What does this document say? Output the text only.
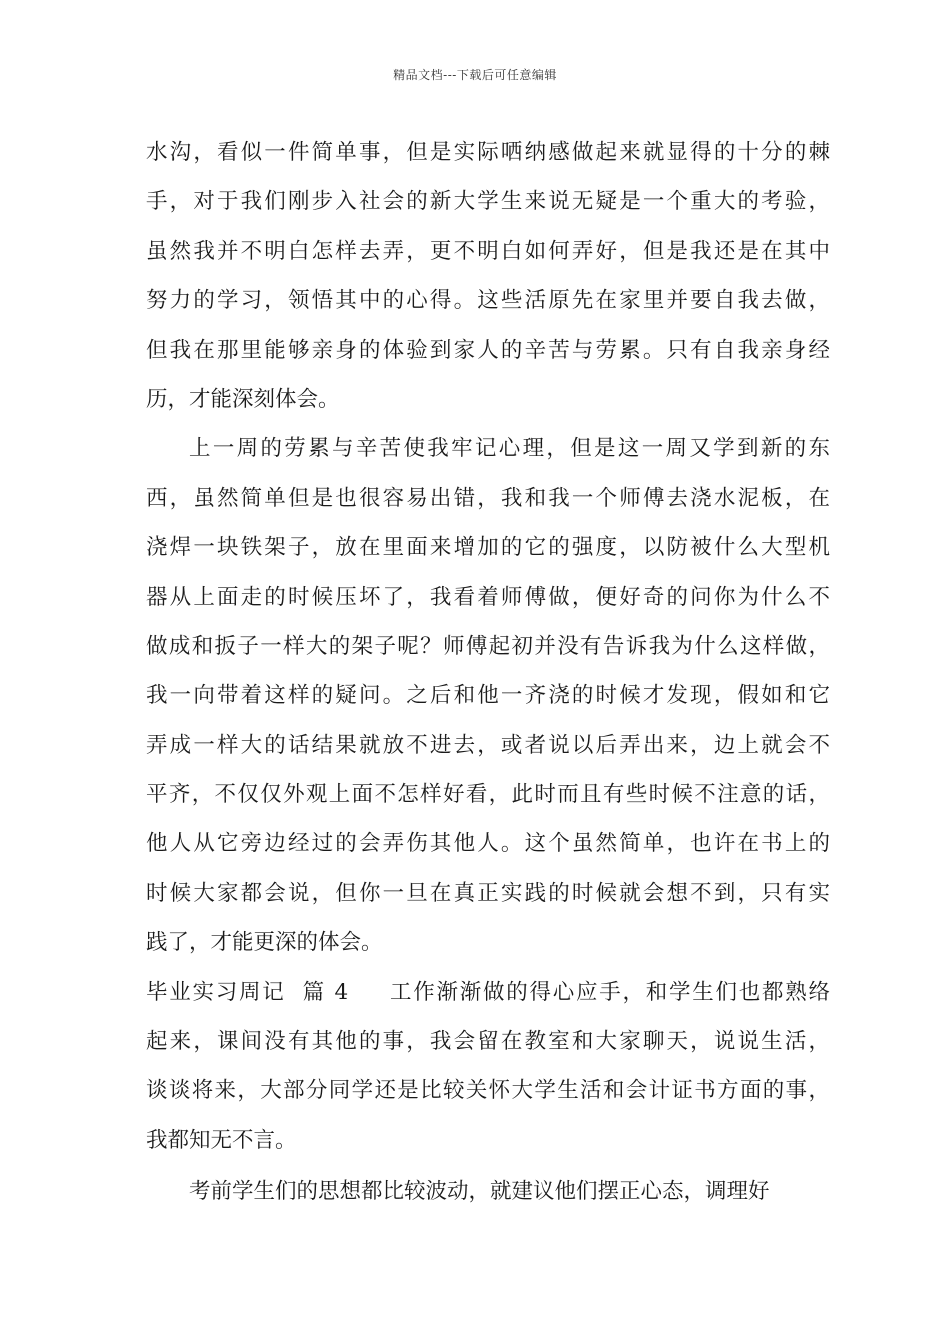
精品文档---下载后可任意编辑
水沟，看似一件简单事，但是实际哂纳感做起来就显得的十分的棘
手，对于我们刚步入社会的新大学生来说无疑是一个重大的考验，
虽然我并不明白怎样去弄，更不明白如何弄好，但是我还是在其中
努力的学习，领悟其中的心得。这些活原先在家里并要自我去做，
但我在那里能够亲身的体验到家人的辛苦与劳累。只有自我亲身经
历，才能深刻体会。
上一周的劳累与辛苦使我牢记心理，但是这一周又学到新的东
西，虽然简单但是也很容易出错，我和我一个师傅去浇水泥板，在
浇焊一块铁架子，放在里面来增加的它的强度，以防被什么大型机
器从上面走的时候压坏了，我看着师傅做，便好奇的问你为什么不
做成和扳子一样大的架子呢？师傅起初并没有告诉我为什么这样做，
我一向带着这样的疑问。之后和他一齐浇的时候才发现，假如和它
弄成一样大的话结果就放不进去，或者说以后弄出来，边上就会不
平齐，不仅仅外观上面不怎样好看，此时而且有些时候不注意的话，
他人从它旁边经过的会弄伤其他人。这个虽然简单，也许在书上的
时候大家都会说，但你一旦在真正实践的时候就会想不到，只有实
践了，才能更深的体会。
毕业实习周记  篇 4 工作渐渐做的得心应手，和学生们也都熟络
起来，课间没有其他的事，我会留在教室和大家聊天，说说生活，
谈谈将来，大部分同学还是比较关怀大学生活和会计证书方面的事，
我都知无不言。
考前学生们的思想都比较波动，就建议他们摆正心态，调理好
